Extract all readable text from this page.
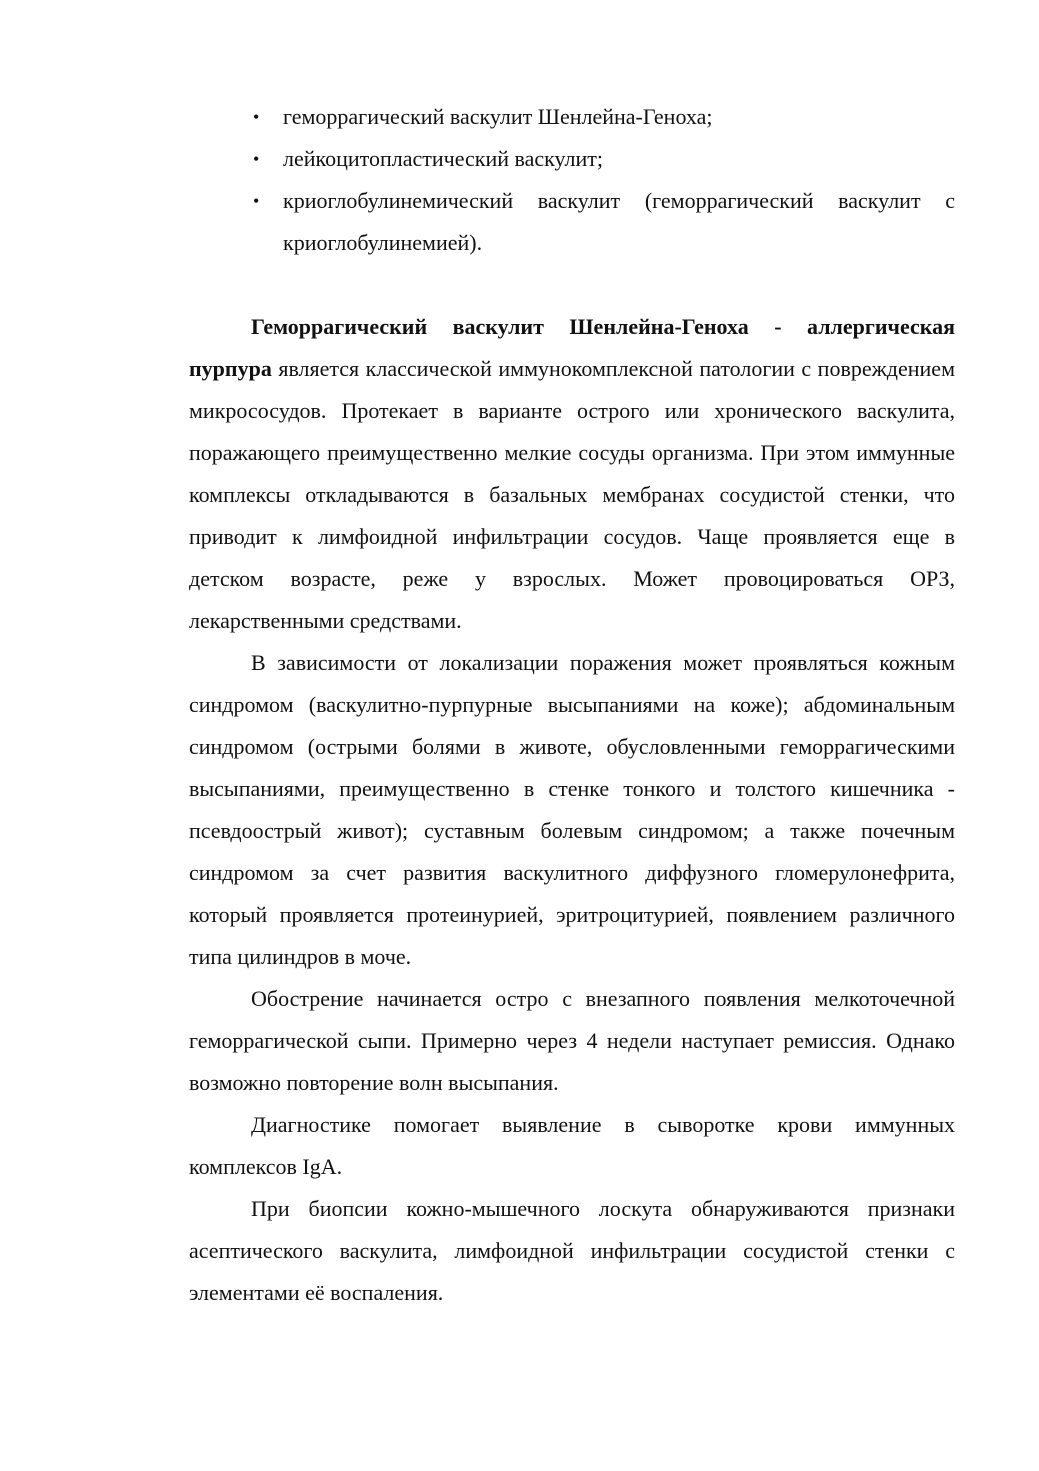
• геморрагический васкулит Шенлейна-Геноха;
• лейкоцитопластический васкулит;
• криоглобулинемический васкулит (геморрагический васкулит с криоглобулинемией).

Геморрагический васкулит Шенлейна-Геноха - аллергическая пурпура является классической иммунокомплексной патологии с повреждением микрососудов. Протекает в варианте острого или хронического васкулита, поражающего преимущественно мелкие сосуды организма. При этом иммунные комплексы откладываются в базальных мембранах сосудистой стенки, что приводит к лимфоидной инфильтрации сосудов. Чаще проявляется еще в детском возрасте, реже у взрослых. Может провоцироваться ОРЗ, лекарственными средствами.

В зависимости от локализации поражения может проявляться кожным синдромом (васкулитно-пурпурные высыпаниями на коже); абдоминальным синдромом (острыми болями в животе, обусловленными геморрагическими высыпаниями, преимущественно в стенке тонкого и толстого кишечника - псевдоострый живот); суставным болевым синдромом; а также почечным синдромом за счет развития васкулитного диффузного гломерулонефрита, который проявляется протеинурией, эритроцитурией, появлением различного типа цилиндров в моче.

Обострение начинается остро с внезапного появления мелкоточечной геморрагической сыпи. Примерно через 4 недели наступает ремиссия. Однако возможно повторение волн высыпания.

Диагностике помогает выявление в сыворотке крови иммунных комплексов IgA.

При биопсии кожно-мышечного лоскута обнаруживаются признаки асептического васкулита, лимфоидной инфильтрации сосудистой стенки с элементами её воспаления.
